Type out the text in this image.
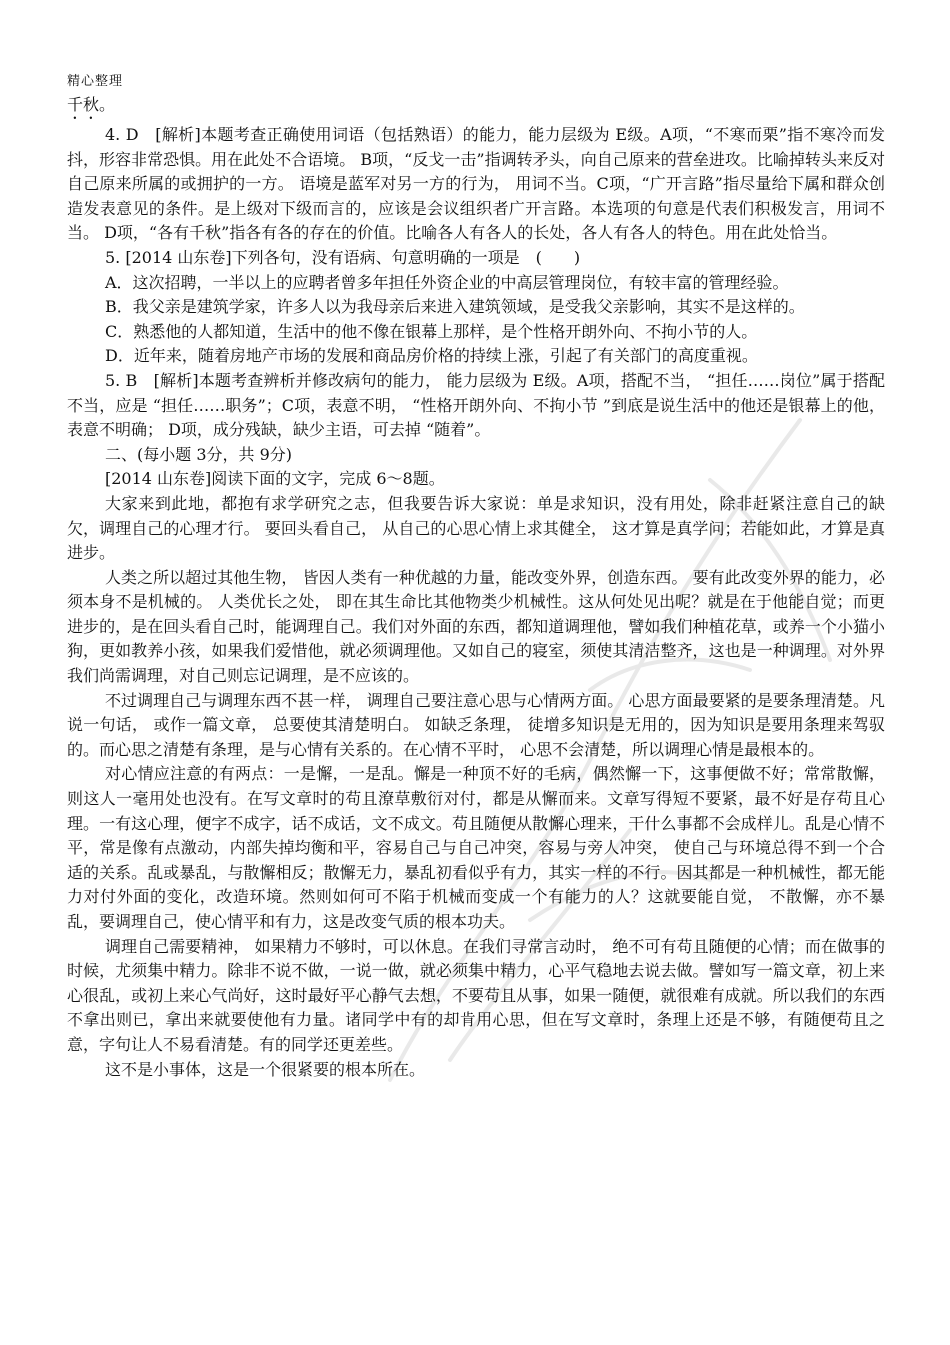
精心整理

千秋。

4. D　[解析]本题考查正确使用词语（包括熟语）的能力，能力层级为 E级。A项，“不寒而栗”指不寒冷而发抖，形容非常恐惧。用在此处不合语境。 B项，“反戈一击”指调转矛头，向自己原来的营垒进攻。比喻掉转头来反对自己原来所属的或拥护的一方。 语境是蓝军对另一方的行为， 用词不当。C项，“广开言路”指尽量给下属和群众创造发表意见的条件。是上级对下级而言的，应该是会议组织者广开言路。本选项的句意是代表们积极发言，用词不当。 D项，“各有千秋”指各有各的存在的价值。比喻各人有各人的长处，各人有各人的特色。用在此处恰当。

5. [2014 山东卷]下列各句，没有语病、句意明确的一项是　(　　)

A．这次招聘，一半以上的应聘者曾多年担任外资企业的中高层管理岗位，有较丰富的管理经验。

B．我父亲是建筑学家，许多人以为我母亲后来进入建筑领域，是受我父亲影响，其实不是这样的。

C．熟悉他的人都知道，生活中的他不像在银幕上那样，是个性格开朗外向、不拘小节的人。

D．近年来，随着房地产市场的发展和商品房价格的持续上涨，引起了有关部门的高度重视。

5. B　[解析]本题考查辨析并修改病句的能力， 能力层级为 E级。A项，搭配不当， “担任……岗位”属于搭配不当，应是 “担任……职务”；C项，表意不明， “性格开朗外向、不拘小节 ”到底是说生活中的他还是银幕上的他，表意不明确； D项，成分残缺，缺少主语，可去掉 “随着”。

二、(每小题 3分，共 9分)

[2014 山东卷]阅读下面的文字，完成 6～8题。

大家来到此地，都抱有求学研究之志，但我要告诉大家说：单是求知识，没有用处，除非赶紧注意自己的缺欠，调理自己的心理才行。 要回头看自己， 从自己的心思心情上求其健全， 这才算是真学问；若能如此，才算是真进步。

人类之所以超过其他生物， 皆因人类有一种优越的力量，能改变外界，创造东西。 要有此改变外界的能力，必须本身不是机械的。 人类优长之处， 即在其生命比其他物类少机械性。这从何处见出呢？就是在于他能自觉；而更进步的，是在回头看自己时，能调理自己。我们对外面的东西，都知道调理他，譬如我们种植花草，或养一个小猫小狗，更如教养小孩，如果我们爱惜他，就必须调理他。又如自己的寝室，须使其清洁整齐，这也是一种调理。对外界我们尚需调理，对自己则忘记调理，是不应该的。

不过调理自己与调理东西不甚一样， 调理自己要注意心思与心情两方面。 心思方面最要紧的是要条理清楚。凡说一句话， 或作一篇文章， 总要使其清楚明白。 如缺乏条理， 徒增多知识是无用的，因为知识是要用条理来驾驭的。而心思之清楚有条理，是与心情有关系的。在心情不平时， 心思不会清楚，所以调理心情是最根本的。

对心情应注意的有两点：一是懈，一是乱。懈是一种顶不好的毛病，偶然懈一下，这事便做不好；常常散懈，则这人一毫用处也没有。在写文章时的苟且潦草敷衍对付，都是从懈而来。文章写得短不要紧，最不好是存苟且心理。一有这心理，便字不成字，话不成话，文不成文。苟且随便从散懈心理来，干什么事都不会成样儿。乱是心情不平，常是像有点激动，内部失掉均衡和平，容易自己与自己冲突，容易与旁人冲突， 使自己与环境总得不到一个合适的关系。乱或暴乱，与散懈相反；散懈无力，暴乱初看似乎有力，其实一样的不行。因其都是一种机械性，都无能力对付外面的变化，改造环境。然则如何可不陷于机械而变成一个有能力的人？这就要能自觉， 不散懈，亦不暴乱，要调理自己，使心情平和有力，这是改变气质的根本功夫。

调理自己需要精神， 如果精力不够时，可以休息。在我们寻常言动时， 绝不可有苟且随便的心情；而在做事的时候，尤须集中精力。除非不说不做，一说一做，就必须集中精力，心平气稳地去说去做。譬如写一篇文章，初上来心很乱，或初上来心气尚好，这时最好平心静气去想，不要苟且从事，如果一随便，就很难有成就。所以我们的东西不拿出则已，拿出来就要使他有力量。诸同学中有的却肯用心思，但在写文章时，条理上还是不够，有随便苟且之意，字句让人不易看清楚。有的同学还更差些。

这不是小事体，这是一个很紧要的根本所在。
